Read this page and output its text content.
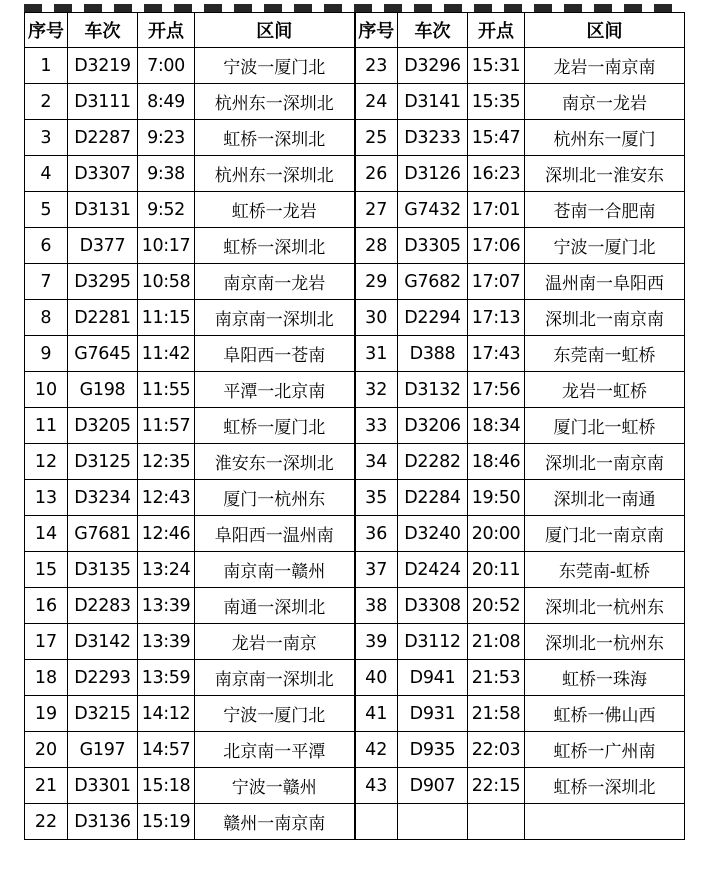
序号	车次	开点	区间	序号	车次	开点	区间
1	D3219	7:00	宁波一厦门北	23	D3296	15:31	龙岩一南京南
2	D3111	8:49	杭州东一深圳北	24	D3141	15:35	南京一龙岩
3	D2287	9:23	虹桥一深圳北	25	D3233	15:47	杭州东一厦门
4	D3307	9:38	杭州东一深圳北	26	D3126	16:23	深圳北一淮安东
5	D3131	9:52	虹桥一龙岩	27	G7432	17:01	苍南一合肥南
6	D377	10:17	虹桥一深圳北	28	D3305	17:06	宁波一厦门北
7	D3295	10:58	南京南一龙岩	29	G7682	17:07	温州南一阜阳西
8	D2281	11:15	南京南一深圳北	30	D2294	17:13	深圳北一南京南
9	G7645	11:42	阜阳西一苍南	31	D388	17:43	东莞南一虹桥
10	G198	11:55	平潭一北京南	32	D3132	17:56	龙岩一虹桥
11	D3205	11:57	虹桥一厦门北	33	D3206	18:34	厦门北一虹桥
12	D3125	12:35	淮安东一深圳北	34	D2282	18:46	深圳北一南京南
13	D3234	12:43	厦门一杭州东	35	D2284	19:50	深圳北一南通
14	G7681	12:46	阜阳西一温州南	36	D3240	20:00	厦门北一南京南
15	D3135	13:24	南京南一赣州	37	D2424	20:11	东莞南-虹桥
16	D2283	13:39	南通一深圳北	38	D3308	20:52	深圳北一杭州东
17	D3142	13:39	龙岩一南京	39	D3112	21:08	深圳北一杭州东
18	D2293	13:59	南京南一深圳北	40	D941	21:53	虹桥一珠海
19	D3215	14:12	宁波一厦门北	41	D931	21:58	虹桥一佛山西
20	G197	14:57	北京南一平潭	42	D935	22:03	虹桥一广州南
21	D3301	15:18	宁波一赣州	43	D907	22:15	虹桥一深圳北
22	D3136	15:19	赣州一南京南				
